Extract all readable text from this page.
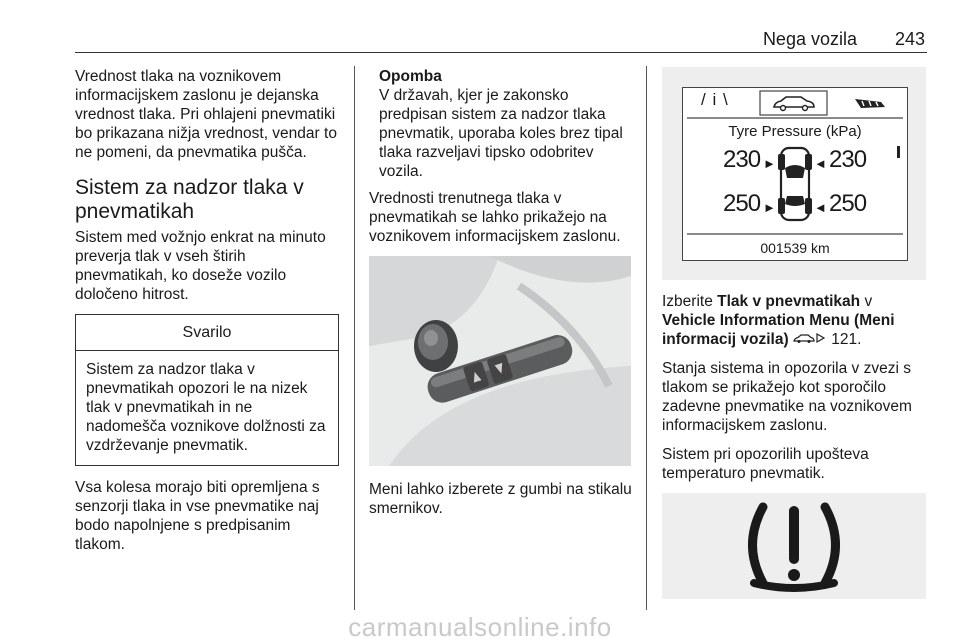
Nega vozila 243

Vrednost tlaka na voznikovem informacijskem zaslonu je dejanska vrednost tlaka. Pri ohlajeni pnevmatiki bo prikazana nižja vrednost, vendar to ne pomeni, da pnevmatika pušča.

Sistem za nadzor tlaka v pnevmatikah

Sistem med vožnjo enkrat na minuto preverja tlak v vseh štirih pnevmatikah, ko doseže vozilo določeno hitrost.

Svarilo
Sistem za nadzor tlaka v pnevmatikah opozori le na nizek tlak v pnevmatikah in ne nadomešča voznikove dolžnosti za vzdrževanje pnevmatik.

Vsa kolesa morajo biti opremljena s senzorji tlaka in vse pnevmatike naj bodo napolnjene s predpisanim tlakom.

Opomba
V državah, kjer je zakonsko predpisan sistem za nadzor tlaka pnevmatik, uporaba koles brez tipal tlaka razveljavi tipsko odobritev vozila.

Vrednosti trenutnega tlaka v pnevmatikah se lahko prikažejo na voznikovem informacijskem zaslonu.

Meni lahko izberete z gumbi na stikalu smernikov.

/ i \
Tyre Pressure (kPa)
230 ►	◄ 230
250 ►	◄ 250
001539 km

Izberite Tlak v pnevmatikah v Vehicle Information Menu (Meni informacij vozila)  121.

Stanja sistema in opozorila v zvezi s tlakom se prikažejo kot sporočilo zadevne pnevmatike na voznikovem informacijskem zaslonu.

Sistem pri opozorilih upošteva temperaturo pnevmatik.

carmanualsonline.info
